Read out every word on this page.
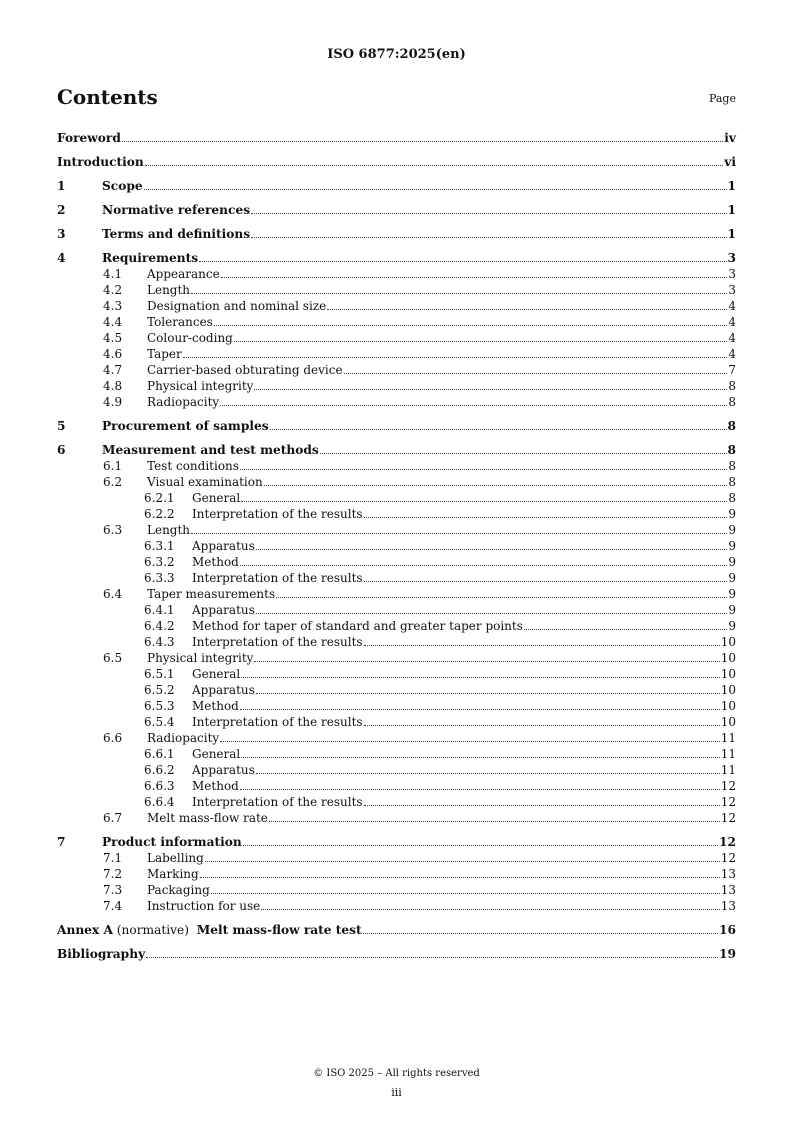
ISO 6877:2025(en)
Contents	Page
Foreword	iv
Introduction	vi
1	Scope	1
2	Normative references	1
3	Terms and definitions	1
4	Requirements	3
4.1	Appearance	3
4.2	Length	3
4.3	Designation and nominal size	4
4.4	Tolerances	4
4.5	Colour-coding	4
4.6	Taper	4
4.7	Carrier-based obturating device	7
4.8	Physical integrity	8
4.9	Radiopacity	8
5	Procurement of samples	8
6	Measurement and test methods	8
6.1	Test conditions	8
6.2	Visual examination	8
6.2.1	General	8
6.2.2	Interpretation of the results	9
6.3	Length	9
6.3.1	Apparatus	9
6.3.2	Method	9
6.3.3	Interpretation of the results	9
6.4	Taper measurements	9
6.4.1	Apparatus	9
6.4.2	Method for taper of standard and greater taper points	9
6.4.3	Interpretation of the results	10
6.5	Physical integrity	10
6.5.1	General	10
6.5.2	Apparatus	10
6.5.3	Method	10
6.5.4	Interpretation of the results	10
6.6	Radiopacity	11
6.6.1	General	11
6.6.2	Apparatus	11
6.6.3	Method	12
6.6.4	Interpretation of the results	12
6.7	Melt mass-flow rate	12
7	Product information	12
7.1	Labelling	12
7.2	Marking	13
7.3	Packaging	13
7.4	Instruction for use	13
Annex A (normative)  Melt mass-flow rate test	16
Bibliography	19
© ISO 2025 – All rights reserved
iii
